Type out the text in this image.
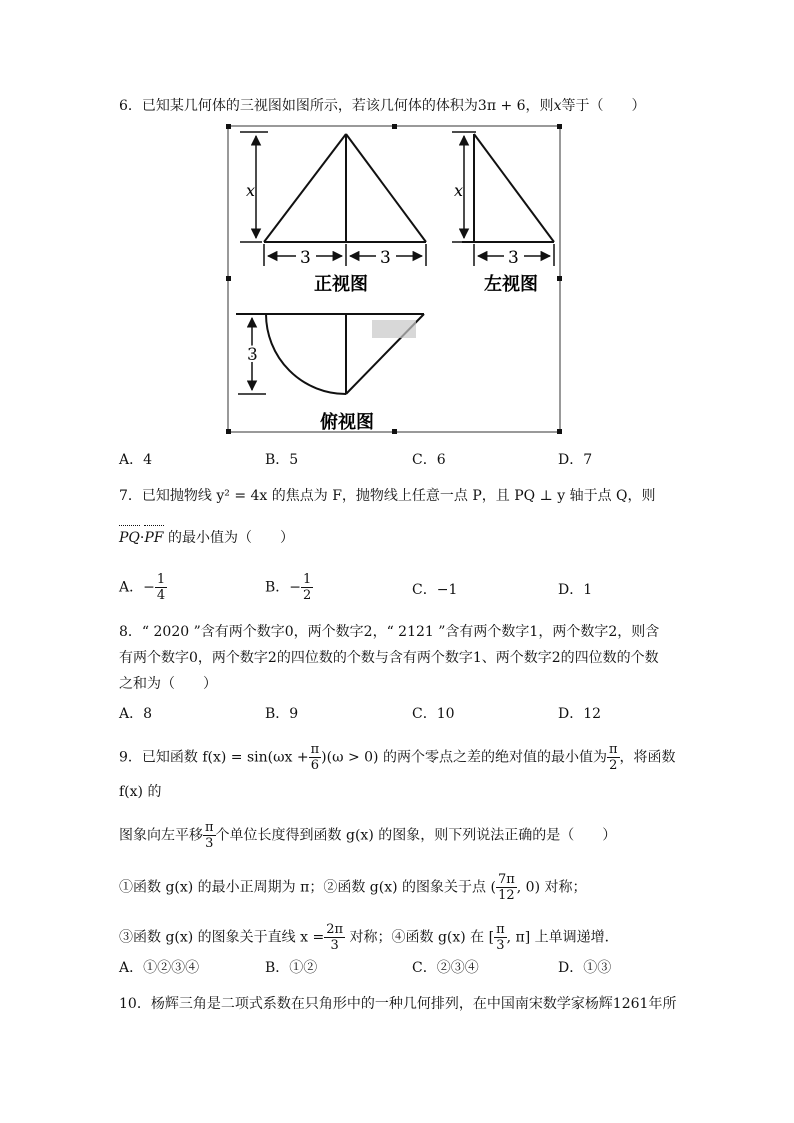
6．已知某几何体的三视图如图所示，若该几何体的体积为3π + 6，则x等于（　　）
x	x
3	3	3
3
正视图	左视图
俯视图
A．4	B．5	C．6	D．7
7．已知抛物线 y² = 4x 的焦点为 F，抛物线上任意一点 P，且 PQ ⊥ y 轴于点 Q，则
PQ·PF 的最小值为（　　）
A．− $\frac{1}{4}$	B．− $\frac{1}{2}$	C．−1	D．1
8．“ 2020 ”含有两个数字0，两个数字2，“ 2121 ”含有两个数字1，两个数字2，则含
有两个数字0，两个数字2的四位数的个数与含有两个数字1、两个数字2的四位数的个数
之和为（　　）
A．8	B．9	C．10	D．12
9．已知函数 $f(x) = \sin(\omega x + \frac{\pi}{6} )(\omega > 0)$ 的两个零点之差的绝对值的最小值为 $\frac{\pi}{2}$ ，将函数
f(x) 的
图象向左平移 $\frac{\pi}{3}$ 个单位长度得到函数 g(x) 的图象，则下列说法正确的是（　　）
①函数 g(x) 的最小正周期为 π；②函数 g(x) 的图象关于点 ( $\frac{7\pi}{12}$ , 0) 对称；
③函数 g(x) 的图象关于直线 $x = \frac{2\pi}{3}$ 对称；④函数 g(x) 在 [ $\frac{\pi}{3}$ , π] 上单调递增．
A．①②③④	B．①②	C．②③④	D．①③
10．杨辉三角是二项式系数在只角形中的一种几何排列，在中国南宋数学家杨辉1261年所
